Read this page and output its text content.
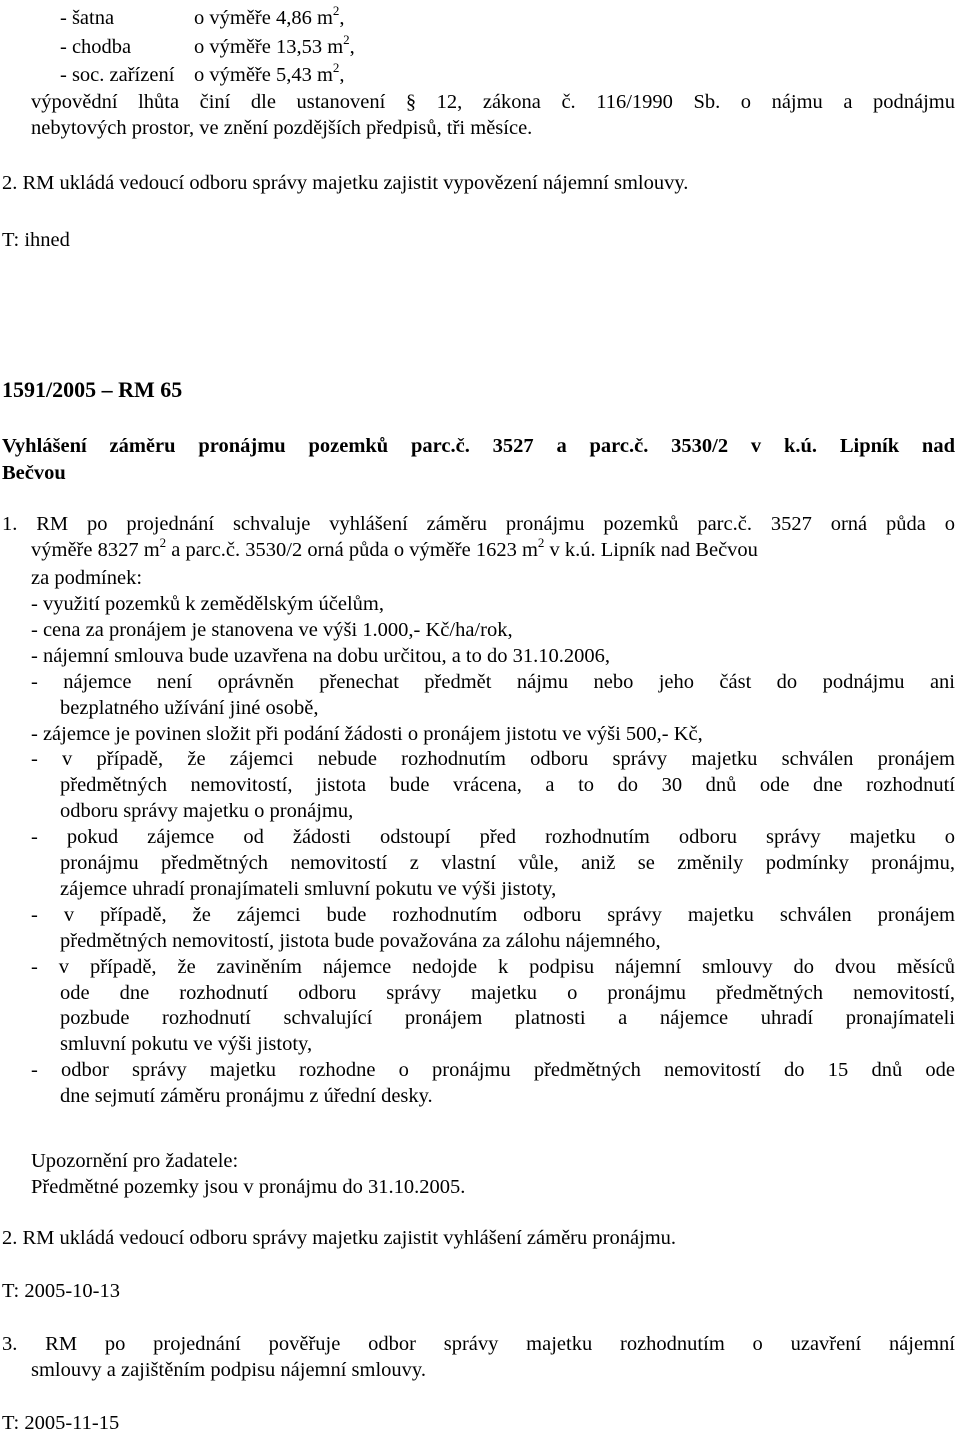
- šatna	o výměře 4,86 $m^2$,
- chodba	o výměře 13,53 $m^2$,
- soc. zařízení o výměře 5,43 $m^2$,
výpovědní lhůta činí dle ustanovení § 12, zákona č. 116/1990 Sb. o nájmu a podnájmu
nebytových prostor, ve znění pozdějších předpisů, tři měsíce.
2. RM ukládá vedoucí odboru správy majetku zajistit vypovězení nájemní smlouvy.
T: ihned
1591/2005 – RM 65
Vyhlášení záměru pronájmu pozemků parc.č. 3527 a parc.č. 3530/2 v k.ú. Lipník nad
Bečvou
1. RM po projednání schvaluje vyhlášení záměru pronájmu pozemků parc.č. 3527 orná půda o
výměře 8327 $m^2$ a parc.č. 3530/2 orná půda o výměře 1623 $m^2$ v k.ú. Lipník nad Bečvou
za podmínek:
- využití pozemků k zemědělským účelům,
- cena za pronájem je stanovena ve výši 1.000,- Kč/ha/rok,
- nájemní smlouva bude uzavřena na dobu určitou, a to do 31.10.2006,
- nájemce není oprávněn přenechat předmět nájmu nebo jeho část do podnájmu ani
bezplatného užívání jiné osobě,
- zájemce je povinen složit při podání žádosti o pronájem jistotu ve výši 500,- Kč,
- v případě, že zájemci nebude rozhodnutím odboru správy majetku schválen pronájem
předmětných nemovitostí, jistota bude vrácena, a to do 30 dnů ode dne rozhodnutí
odboru správy majetku o pronájmu,
- pokud zájemce od žádosti odstoupí před rozhodnutím odboru správy majetku o
pronájmu předmětných nemovitostí z vlastní vůle, aniž se změnily podmínky pronájmu,
zájemce uhradí pronajímateli smluvní pokutu ve výši jistoty,
- v případě, že zájemci bude rozhodnutím odboru správy majetku schválen pronájem
předmětných nemovitostí, jistota bude považována za zálohu nájemného,
- v případě, že zaviněním nájemce nedojde k podpisu nájemní smlouvy do dvou měsíců
ode dne rozhodnutí odboru správy majetku o pronájmu předmětných nemovitostí,
pozbude rozhodnutí schvalující pronájem platnosti a nájemce uhradí pronajímateli
smluvní pokutu ve výši jistoty,
- odbor správy majetku rozhodne o pronájmu předmětných nemovitostí do 15 dnů ode
dne sejmutí záměru pronájmu z úřední desky.
Upozornění pro žadatele:
Předmětné pozemky jsou v pronájmu do 31.10.2005.
2. RM ukládá vedoucí odboru správy majetku zajistit vyhlášení záměru pronájmu.
T: 2005-10-13
3. RM po projednání pověřuje odbor správy majetku rozhodnutím o uzavření nájemní
smlouvy a zajištěním podpisu nájemní smlouvy.
T: 2005-11-15
